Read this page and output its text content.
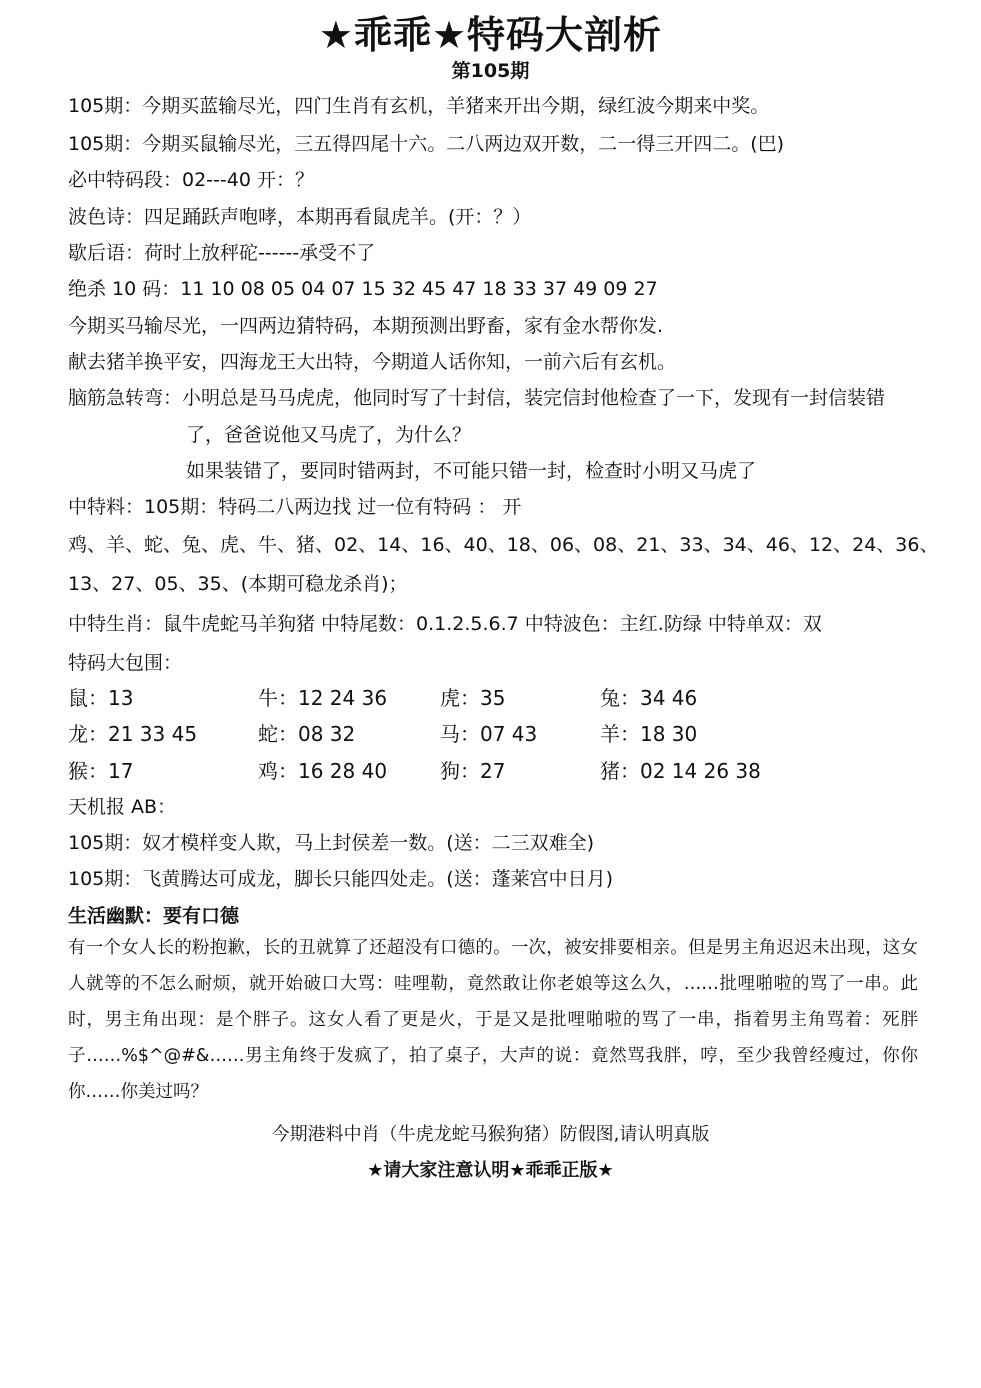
★乖乖★特码大剖析
第105期
105期：今期买蓝输尽光，四门生肖有玄机，羊猪来开出今期，绿红波今期来中奖。
105期：今期买鼠输尽光，三五得四尾十六。二八两边双开数，二一得三开四二。(巴)
必中特码段：02---40 开：？
波色诗：四足踊跃声咆哮，本期再看鼠虎羊。(开：？）
歇后语：荷时上放秤砣------承受不了
绝杀 10 码：11 10 08 05 04 07 15 32 45 47 18 33 37 49 09 27
今期买马输尽光，一四两边猜特码，本期预测出野畜，家有金水帮你发.
献去猪羊换平安，四海龙王大出特，今期道人话你知，一前六后有玄机。
脑筋急转弯：小明总是马马虎虎，他同时写了十封信，装完信封他检查了一下，发现有一封信装错
了，爸爸说他又马虎了，为什么？
如果装错了，要同时错两封，不可能只错一封，检查时小明又马虎了
中特料：105期：特码二八两边找 过一位有特码 ： 开
鸡、羊、蛇、兔、虎、牛、猪、02、14、16、40、18、06、08、21、33、34、46、12、24、36、
13、27、05、35、(本期可稳龙杀肖)；
中特生肖：鼠牛虎蛇马羊狗猪 中特尾数：0.1.2.5.6.7 中特波色：主红.防绿 中特单双：双
特码大包围：
鼠：13	牛：12 24 36	虎：35	兔：34 46
龙：21 33 45	蛇：08 32	马：07 43	羊：18 30
猴：17	鸡：16 28 40	狗：27	猪：02 14 26 38
天机报 AB：
105期：奴才模样变人欺，马上封侯差一数。(送：二三双难全)
105期：飞黄腾达可成龙，脚长只能四处走。(送：蓬莱宫中日月)
生活幽默：要有口德
有一个女人长的粉抱歉，长的丑就算了还超没有口德的。一次，被安排要相亲。但是男主角迟迟未出现，这女人就等的不怎么耐烦，就开始破口大骂：哇哩勒，竟然敢让你老娘等这么久，……批哩啪啦的骂了一串。此时，男主角出现：是个胖子。这女人看了更是火，于是又是批哩啪啦的骂了一串，指着男主角骂着：死胖子……%$^@#&……男主角终于发疯了，拍了桌子，大声的说：竟然骂我胖，哼，至少我曾经瘦过，你你你……你美过吗？
今期港料中肖（牛虎龙蛇马猴狗猪）防假图,请认明真版
★请大家注意认明★乖乖正版★
